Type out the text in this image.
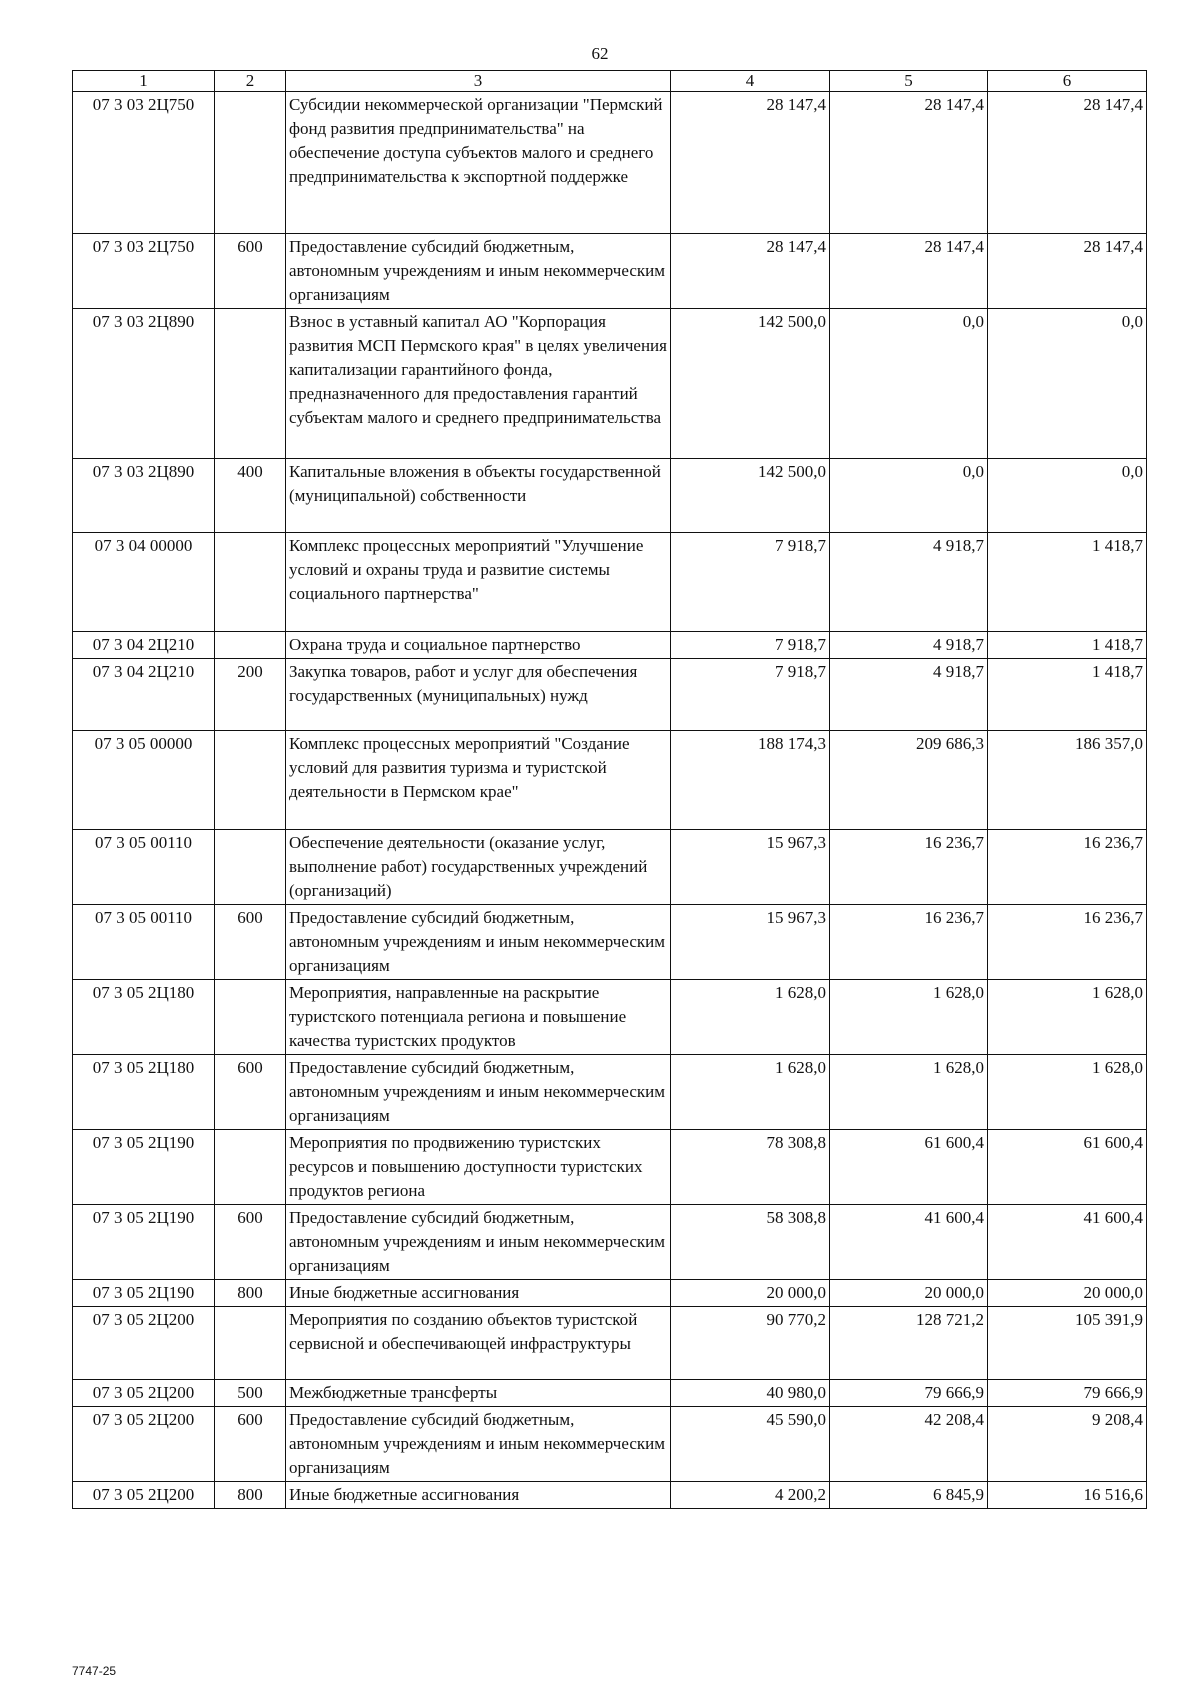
62
1	2	3	4	5	6
07 3 03 2Ц750		Субсидии некоммерческой организации "Пермский фонд развития предпринимательства" на обеспечение доступа субъектов малого и среднего предпринимательства к экспортной поддержке	28 147,4	28 147,4	28 147,4
07 3 03 2Ц750	600	Предоставление субсидий бюджетным, автономным учреждениям и иным некоммерческим организациям	28 147,4	28 147,4	28 147,4
07 3 03 2Ц890		Взнос в уставный капитал АО "Корпорация развития МСП Пермского края" в целях увеличения капитализации гарантийного фонда, предназначенного для предоставления гарантий субъектам малого и среднего предпринимательства	142 500,0	0,0	0,0
07 3 03 2Ц890	400	Капитальные вложения в объекты государственной (муниципальной) собственности	142 500,0	0,0	0,0
07 3 04 00000		Комплекс процессных мероприятий "Улучшение условий и охраны труда и развитие системы социального партнерства"	7 918,7	4 918,7	1 418,7
07 3 04 2Ц210		Охрана труда и социальное партнерство	7 918,7	4 918,7	1 418,7
07 3 04 2Ц210	200	Закупка товаров, работ и услуг для обеспечения государственных (муниципальных) нужд	7 918,7	4 918,7	1 418,7
07 3 05 00000		Комплекс процессных мероприятий "Создание условий для развития туризма и туристской деятельности в Пермском крае"	188 174,3	209 686,3	186 357,0
07 3 05 00110		Обеспечение деятельности (оказание услуг, выполнение работ) государственных учреждений (организаций)	15 967,3	16 236,7	16 236,7
07 3 05 00110	600	Предоставление субсидий бюджетным, автономным учреждениям и иным некоммерческим организациям	15 967,3	16 236,7	16 236,7
07 3 05 2Ц180		Мероприятия, направленные на раскрытие туристского потенциала региона и повышение качества туристских продуктов	1 628,0	1 628,0	1 628,0
07 3 05 2Ц180	600	Предоставление субсидий бюджетным, автономным учреждениям и иным некоммерческим организациям	1 628,0	1 628,0	1 628,0
07 3 05 2Ц190		Мероприятия по продвижению туристских ресурсов и повышению доступности туристских продуктов региона	78 308,8	61 600,4	61 600,4
07 3 05 2Ц190	600	Предоставление субсидий бюджетным, автономным учреждениям и иным некоммерческим организациям	58 308,8	41 600,4	41 600,4
07 3 05 2Ц190	800	Иные бюджетные ассигнования	20 000,0	20 000,0	20 000,0
07 3 05 2Ц200		Мероприятия по созданию объектов туристской сервисной и обеспечивающей инфраструктуры	90 770,2	128 721,2	105 391,9
07 3 05 2Ц200	500	Межбюджетные трансферты	40 980,0	79 666,9	79 666,9
07 3 05 2Ц200	600	Предоставление субсидий бюджетным, автономным учреждениям и иным некоммерческим организациям	45 590,0	42 208,4	9 208,4
07 3 05 2Ц200	800	Иные бюджетные ассигнования	4 200,2	6 845,9	16 516,6
7747-25
